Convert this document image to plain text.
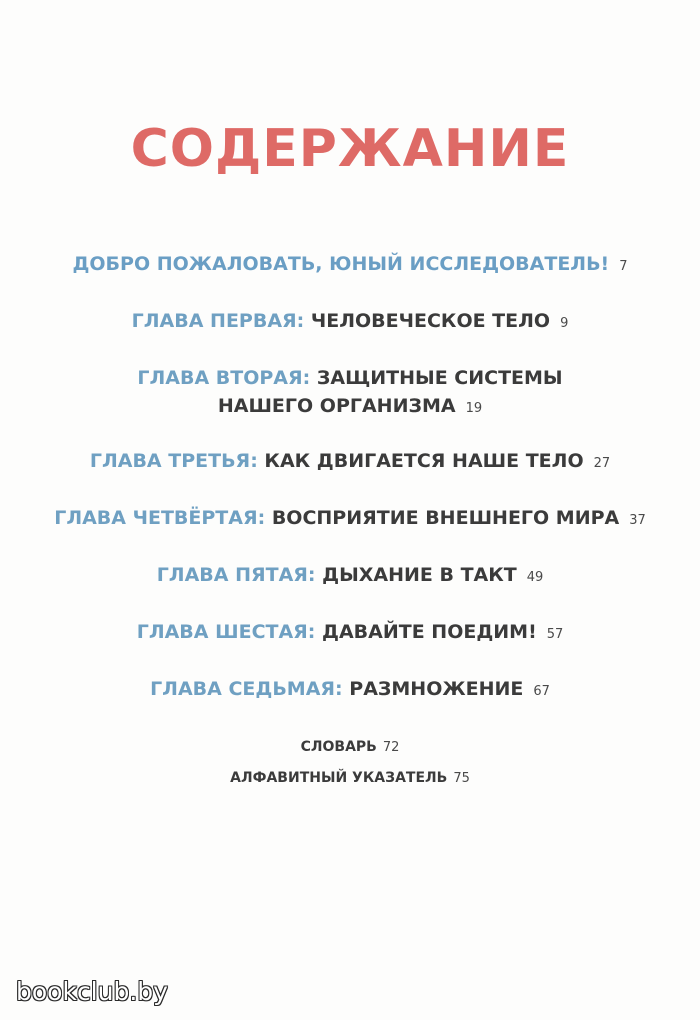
СОДЕРЖАНИЕ
ДОБРО ПОЖАЛОВАТЬ, ЮНЫЙ ИССЛЕДОВАТЕЛЬ! 7
ГЛАВА ПЕРВАЯ: ЧЕЛОВЕЧЕСКОЕ ТЕЛО 9
ГЛАВА ВТОРАЯ: ЗАЩИТНЫЕ СИСТЕМЫ
НАШЕГО ОРГАНИЗМА 19
ГЛАВА ТРЕТЬЯ: КАК ДВИГАЕТСЯ НАШЕ ТЕЛО 27
ГЛАВА ЧЕТВЁРТАЯ: ВОСПРИЯТИЕ ВНЕШНЕГО МИРА 37
ГЛАВА ПЯТАЯ: ДЫХАНИЕ В ТАКТ 49
ГЛАВА ШЕСТАЯ: ДАВАЙТЕ ПОЕДИМ! 57
ГЛАВА СЕДЬМАЯ: РАЗМНОЖЕНИЕ 67
СЛОВАРЬ 72
АЛФАВИТНЫЙ УКАЗАТЕЛЬ 75
bookclub.by
